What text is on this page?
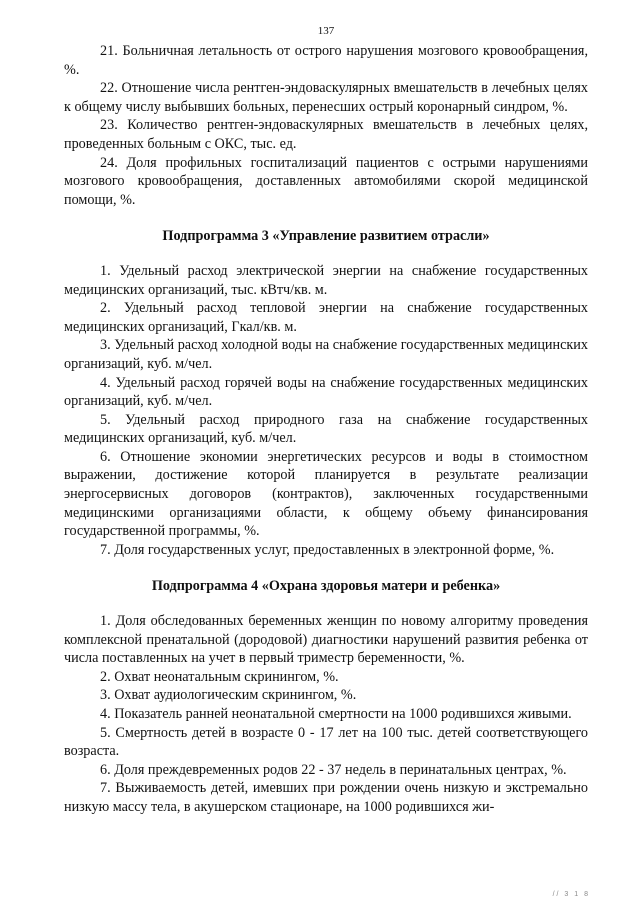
137

21. Больничная летальность от острого нарушения мозгового кровообращения, %.

22. Отношение числа рентген-эндоваскулярных вмешательств в лечебных целях к общему числу выбывших больных, перенесших острый коронарный синдром, %.

23. Количество рентген-эндоваскулярных вмешательств в лечебных целях, проведенных больным с ОКС, тыс. ед.

24. Доля профильных госпитализаций пациентов с острыми нарушениями мозгового кровообращения, доставленных автомобилями скорой медицинской помощи, %.

Подпрограмма 3 «Управление развитием отрасли»

1. Удельный расход электрической энергии на снабжение государственных медицинских организаций, тыс. кВтч/кв. м.

2. Удельный расход тепловой энергии на снабжение государственных медицинских организаций, Гкал/кв. м.

3. Удельный расход холодной воды на снабжение государственных медицинских организаций, куб. м/чел.

4. Удельный расход горячей воды на снабжение государственных медицинских организаций, куб. м/чел.

5. Удельный расход природного газа на снабжение государственных медицинских организаций, куб. м/чел.

6. Отношение экономии энергетических ресурсов и воды в стоимостном выражении, достижение которой планируется в результате реализации энергосервисных договоров (контрактов), заключенных государственными медицинскими организациями области, к общему объему финансирования государственной программы, %.

7. Доля государственных услуг, предоставленных в электронной форме, %.

Подпрограмма 4 «Охрана здоровья матери и ребенка»

1. Доля обследованных беременных женщин по новому алгоритму проведения комплексной пренатальной (дородовой) диагностики нарушений развития ребенка от числа поставленных на учет в первый триместр беременности, %.

2. Охват неонатальным скринингом, %.

3. Охват аудиологическим скринингом, %.

4. Показатель ранней неонатальной смертности на 1000 родившихся живыми.

5. Смертность детей в возрасте 0 - 17 лет на 100 тыс. детей соответствующего возраста.

6. Доля преждевременных родов 22 - 37 недель в перинатальных центрах, %.

7. Выживаемость детей, имевших при рождении очень низкую и экстремально низкую массу тела, в акушерском стационаре, на 1000 родившихся жи-

// 3 1 8
